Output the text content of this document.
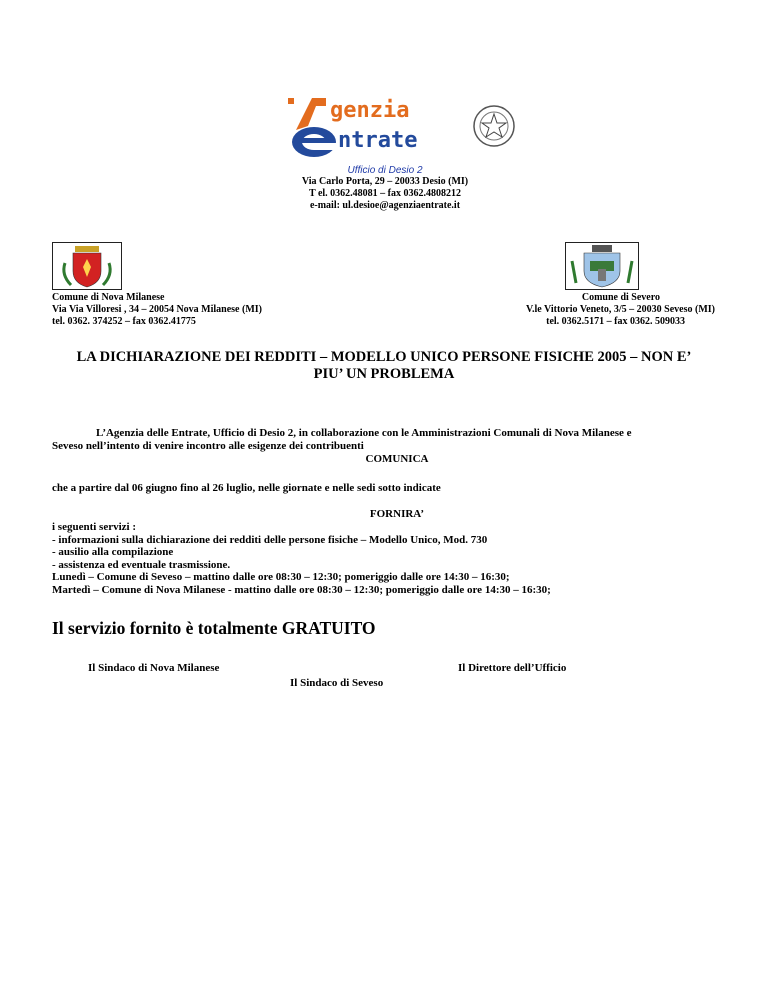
genzia
ntrate
Ufficio di Desio 2
Via Carlo Porta, 29 – 20033 Desio (MI)
T el. 0362.48081 – fax 0362.4808212
e-mail: ul.desioe@agenziaentrate.it
Comune di Nova Milanese
Via Via Villoresi , 34 – 20054 Nova Milanese (MI)
tel. 0362. 374252 – fax 0362.41775
Comune di Severo
V.le Vittorio Veneto, 3/5 – 20030 Seveso (MI)
tel. 0362.5171 – fax 0362. 509033
LA DICHIARAZIONE DEI REDDITI – MODELLO UNICO PERSONE FISICHE 2005 – NON E’
PIU’ UN PROBLEMA
L’Agenzia delle Entrate, Ufficio di Desio 2, in collaborazione con le Amministrazioni Comunali di Nova Milanese e
Seveso nell’intento di venire incontro alle esigenze dei contribuenti
COMUNICA
che a partire dal 06 giugno fino al 26 luglio, nelle giornate e nelle sedi sotto indicate
FORNIRA’
i seguenti servizi :
- informazioni sulla dichiarazione dei redditi delle persone fisiche – Modello Unico, Mod. 730
- ausilio alla compilazione
- assistenza ed eventuale trasmissione.
Lunedì – Comune di Seveso – mattino dalle ore 08:30 – 12:30; pomeriggio dalle ore 14:30 – 16:30;
Martedì – Comune di Nova Milanese - mattino dalle ore 08:30 – 12:30; pomeriggio dalle ore 14:30 – 16:30;
Il servizio fornito è totalmente GRATUITO
Il Sindaco di Nova Milanese	Il Direttore dell’Ufficio
Il Sindaco di Seveso
